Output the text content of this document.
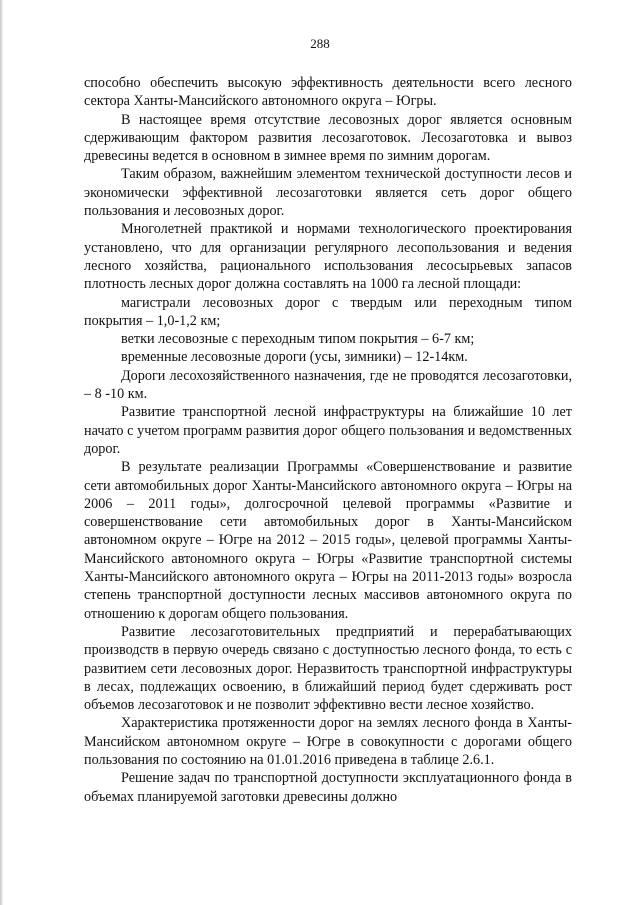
288

способно обеспечить высокую эффективность деятельности всего лесного сектора Ханты-Мансийского автономного округа – Югры.

В настоящее время отсутствие лесовозных дорог является основным сдерживающим фактором развития лесозаготовок. Лесозаготовка и вывоз древесины ведется в основном в зимнее время по зимним дорогам.

Таким образом, важнейшим элементом технической доступности лесов и экономически эффективной лесозаготовки является сеть дорог общего пользования и лесовозных дорог.

Многолетней практикой и нормами технологического проектирования установлено, что для организации регулярного лесопользования и ведения лесного хозяйства, рационального использования лесосырьевых запасов плотность лесных дорог должна составлять на 1000 га лесной площади:

магистрали лесовозных дорог с твердым или переходным типом покрытия – 1,0-1,2 км;

ветки лесовозные с переходным типом покрытия – 6-7 км;

временные лесовозные дороги (усы, зимники) – 12-14км.

Дороги лесохозяйственного назначения, где не проводятся лесозаготовки, – 8 -10 км.

Развитие транспортной лесной инфраструктуры на ближайшие 10 лет начато с учетом программ развития дорог общего пользования и ведомственных дорог.

В результате реализации Программы «Совершенствование и развитие сети автомобильных дорог Ханты-Мансийского автономного округа – Югры на 2006 – 2011 годы», долгосрочной целевой программы «Развитие и совершенствование сети автомобильных дорог в Ханты-Мансийском автономном округе – Югре на 2012 – 2015 годы», целевой программы Ханты-Мансийского автономного округа – Югры «Развитие транспортной системы Ханты-Мансийского автономного округа – Югры на 2011-2013 годы» возросла степень транспортной доступности лесных массивов автономного округа по отношению к дорогам общего пользования.

Развитие лесозаготовительных предприятий и перерабатывающих производств в первую очередь связано с доступностью лесного фонда, то есть с развитием сети лесовозных дорог. Неразвитость транспортной инфраструктуры в лесах, подлежащих освоению, в ближайший период будет сдерживать рост объемов лесозаготовок и не позволит эффективно вести лесное хозяйство.

Характеристика протяженности дорог на землях лесного фонда в Ханты-Мансийском автономном округе – Югре в совокупности с дорогами общего пользования по состоянию на 01.01.2016 приведена в таблице 2.6.1.

Решение задач по транспортной доступности эксплуатационного фонда в объемах планируемой заготовки древесины должно
